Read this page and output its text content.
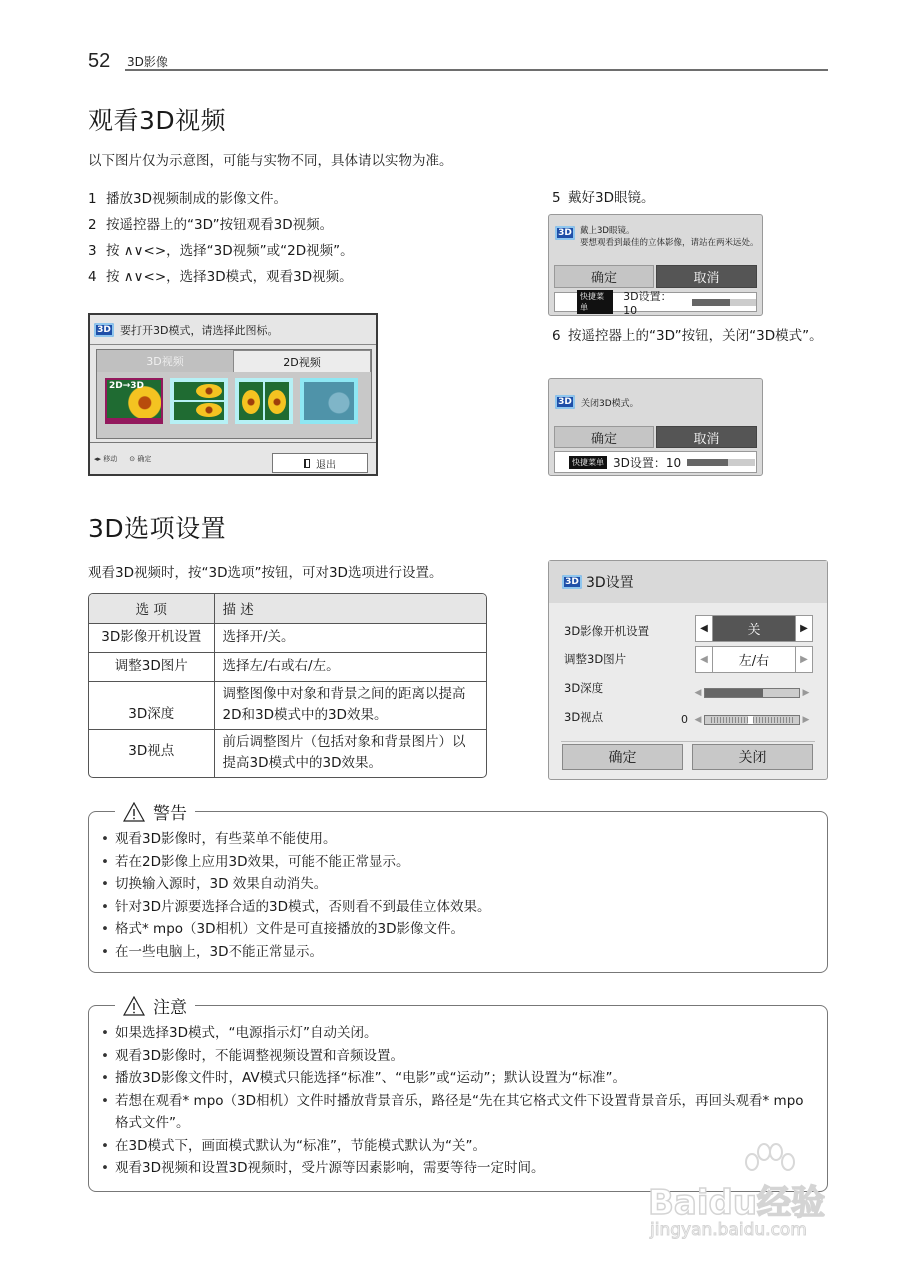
52 3D影像
观看3D视频

以下图片仅为示意图，可能与实物不同，具体请以实物为准。

1 播放3D视频制成的影像文件。
2 按遥控器上的“3D”按钮观看3D视频。
3 按 ∧∨<>，选择“3D视频”或“2D视频”。
4 按 ∧∨<>，选择3D模式，观看3D视频。
3D 要打开3D模式，请选择此图标。
3D视频	2D视频
2D→3D
◂▸ 移动 ⊙ 确定
退出
5 戴好3D眼镜。
3D 戴上3D眼镜。
要想观看到最佳的立体影像，请站在两米远处。
确定	取消
快捷菜单
3D设置：10
6 按遥控器上的“3D”按钮，关闭“3D模式”。
3D	关闭3D模式。
确定	取消
快捷菜单 3D设置：10
3D选项设置

观看3D视频时，按“3D选项”按钮，可对3D选项进行设置。

选 项	描 述
3D影像开机设置	选择开/关。
调整3D图片	选择左/右或右/左。
3D深度	调整图像中对象和背景之间的距离以提高2D和3D模式中的3D效果。
3D视点	前后调整图片（包括对象和背景图片）以提高3D模式中的3D效果。
3D 3D设置
3D影像开机设置	◀	关	▶
调整3D图片	◀	左/右	▶
3D深度	◀	▶
3D视点	0 ◀	▶
确定	关闭
警告
• 观看3D影像时，有些菜单不能使用。
• 若在2D影像上应用3D效果，可能不能正常显示。
• 切换输入源时，3D 效果自动消失。
• 针对3D片源要选择合适的3D模式，否则看不到最佳立体效果。
• 格式* mpo（3D相机）文件是可直接播放的3D影像文件。
• 在一些电脑上，3D不能正常显示。
注意
• 如果选择3D模式，“电源指示灯”自动关闭。
• 观看3D影像时，不能调整视频设置和音频设置。
• 播放3D影像文件时，AV模式只能选择“标准”、“电影”或“运动”；默认设置为“标准”。
• 若想在观看* mpo（3D相机）文件时播放背景音乐，路径是“先在其它格式文件下设置背景音乐，再回头观看* mpo格式文件”。
• 在3D模式下，画面模式默认为“标准”，节能模式默认为“关”。
• 观看3D视频和设置3D视频时，受片源等因素影响，需要等待一定时间。
Baidu经验
jingyan.baidu.com
